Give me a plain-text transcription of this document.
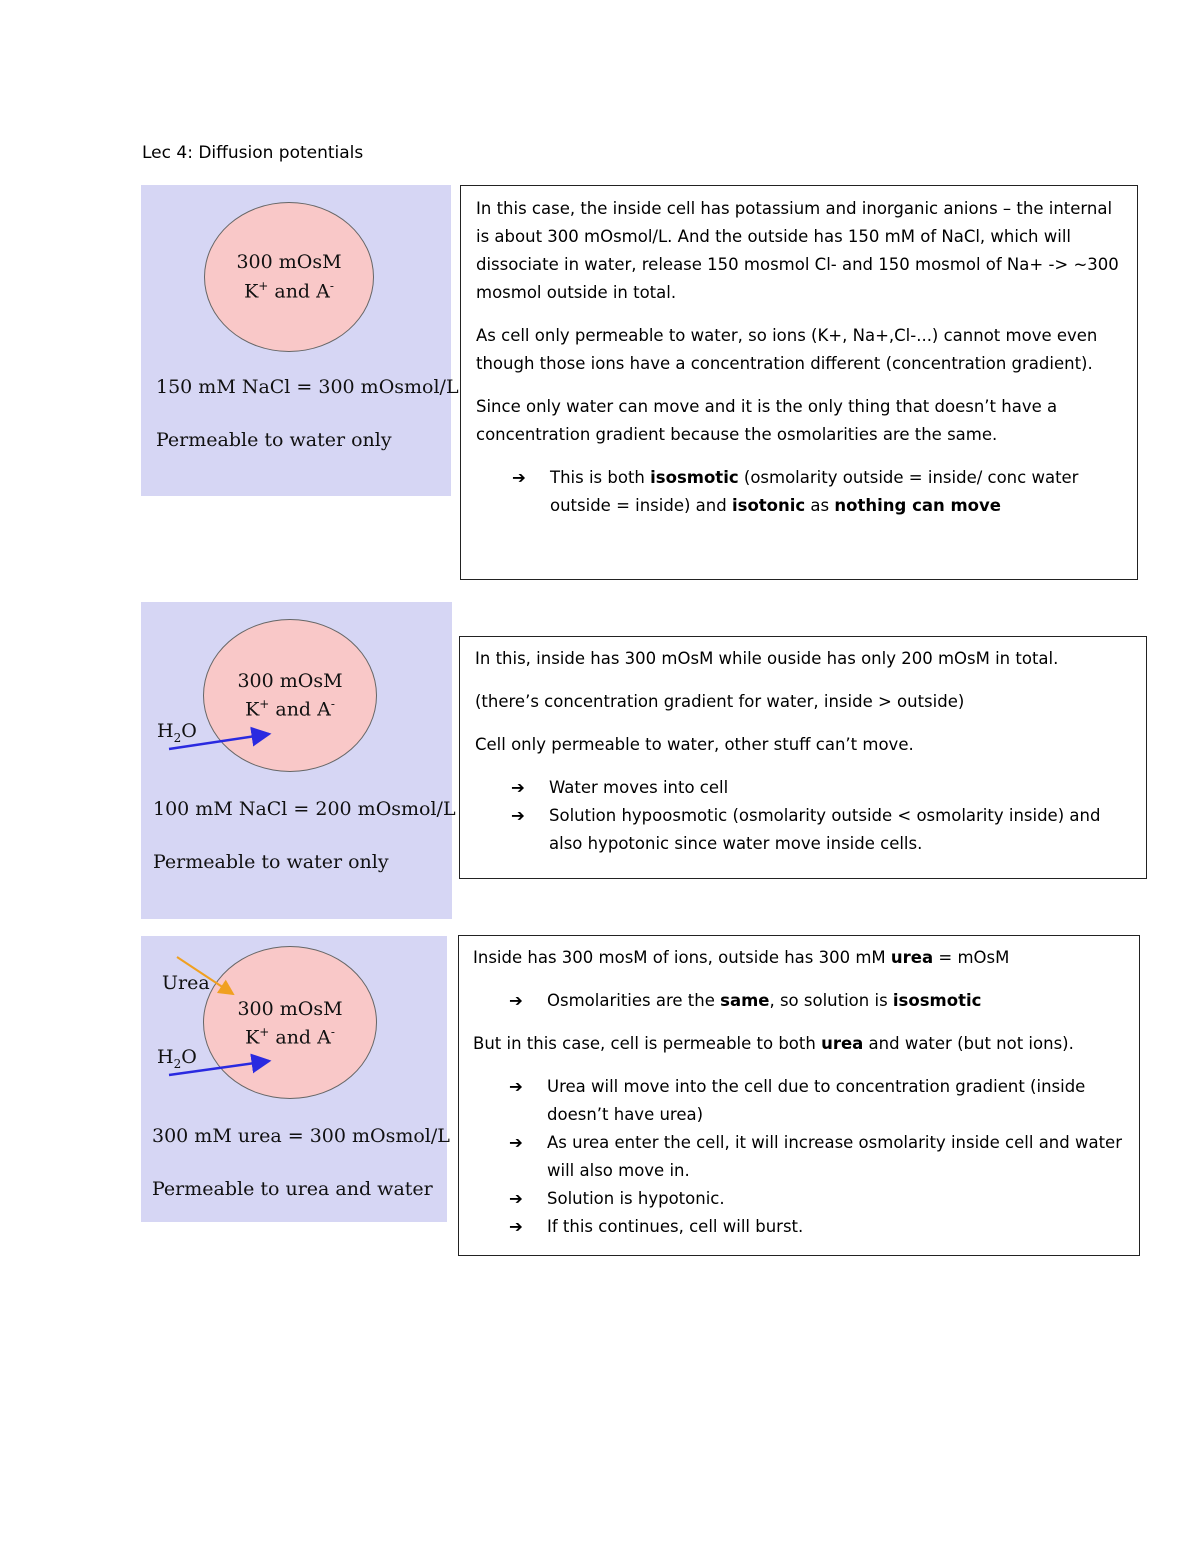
Lec 4: Diffusion potentials
300 mOsM
K+ and A-
150 mM NaCl = 300 mOsmol/L
Permeable to water only
300 mOsM
K+ and A-
$H_2O$
100 mM NaCl = 200 mOsmol/L
Permeable to water only
300 mOsM
K+ and A-
Urea
$H_2O$
300 mM urea = 300 mOsmol/L
Permeable to urea and water

In this case, the inside cell has potassium and inorganic anions – the internal is about 300 mOsmol/L. And the outside has 150 mM of NaCl, which will dissociate in water, release 150 mosmol Cl- and 150 mosmol of Na+ -> ~300 mosmol outside in total.

As cell only permeable to water, so ions (K+, Na+,Cl-...) cannot move even though those ions have a concentration different (concentration gradient).

Since only water can move and it is the only thing that doesn’t have a concentration gradient because the osmolarities are the same.

➔	This is both isosmotic (osmolarity outside = inside/ conc water outside = inside) and isotonic as nothing can move

In this, inside has 300 mOsM while ouside has only 200 mOsM in total.

(there’s concentration gradient for water, inside > outside)

Cell only permeable to water, other stuff can’t move.

➔	Water moves into cell
➔	Solution hypoosmotic (osmolarity outside < osmolarity inside) and also hypotonic since water move inside cells.

Inside has 300 mosM of ions, outside has 300 mM urea = mOsM

➔	Osmolarities are the same, so solution is isosmotic

But in this case, cell is permeable to both urea and water (but not ions).

➔	Urea will move into the cell due to concentration gradient (inside doesn’t have urea)
➔	As urea enter the cell, it will increase osmolarity inside cell and water will also move in.
➔	Solution is hypotonic.
➔	If this continues, cell will burst.
